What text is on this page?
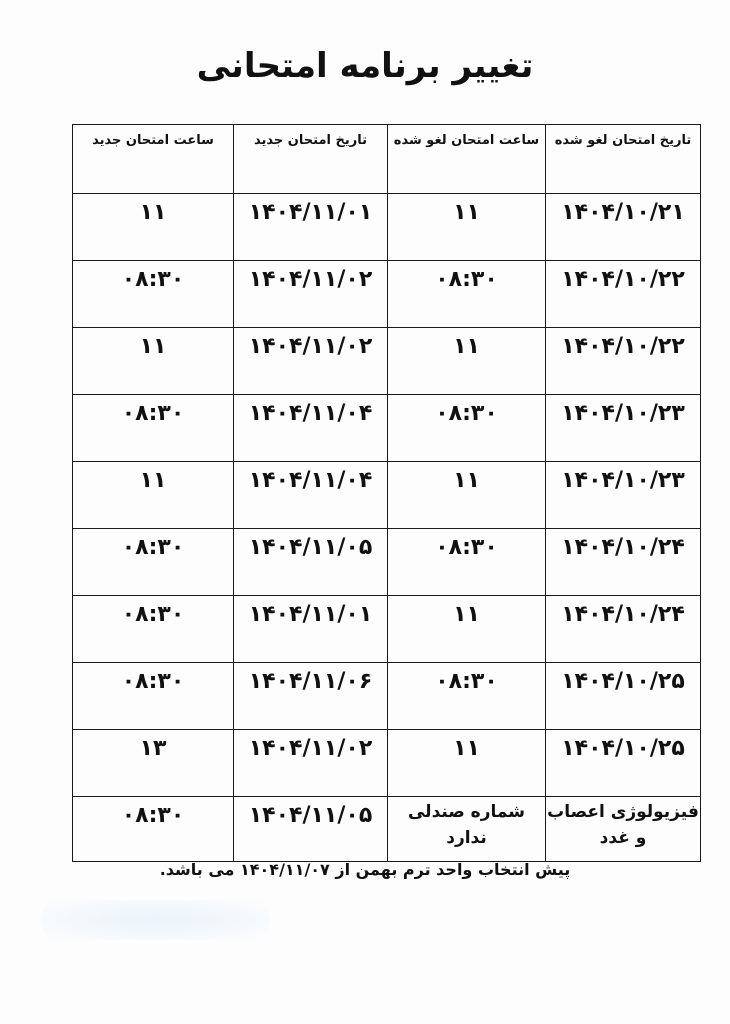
تغییر برنامه امتحانی
تاریخ امتحان لغو شده	ساعت امتحان لغو شده	تاریخ امتحان جدید	ساعت امتحان جدید
۱۴۰۴/۱۰/۲۱	۱۱	۱۴۰۴/۱۱/۰۱	۱۱
۱۴۰۴/۱۰/۲۲	۰۸:۳۰	۱۴۰۴/۱۱/۰۲	۰۸:۳۰
۱۴۰۴/۱۰/۲۲	۱۱	۱۴۰۴/۱۱/۰۲	۱۱
۱۴۰۴/۱۰/۲۳	۰۸:۳۰	۱۴۰۴/۱۱/۰۴	۰۸:۳۰
۱۴۰۴/۱۰/۲۳	۱۱	۱۴۰۴/۱۱/۰۴	۱۱
۱۴۰۴/۱۰/۲۴	۰۸:۳۰	۱۴۰۴/۱۱/۰۵	۰۸:۳۰
۱۴۰۴/۱۰/۲۴	۱۱	۱۴۰۴/۱۱/۰۱	۰۸:۳۰
۱۴۰۴/۱۰/۲۵	۰۸:۳۰	۱۴۰۴/۱۱/۰۶	۰۸:۳۰
۱۴۰۴/۱۰/۲۵	۱۱	۱۴۰۴/۱۱/۰۲	۱۳
فیزیولوژی اعصاب و غدد	شماره صندلی ندارد	۱۴۰۴/۱۱/۰۵	۰۸:۳۰
پیش انتخاب واحد ترم بهمن از ۱۴۰۴/۱۱/۰۷ می باشد.
